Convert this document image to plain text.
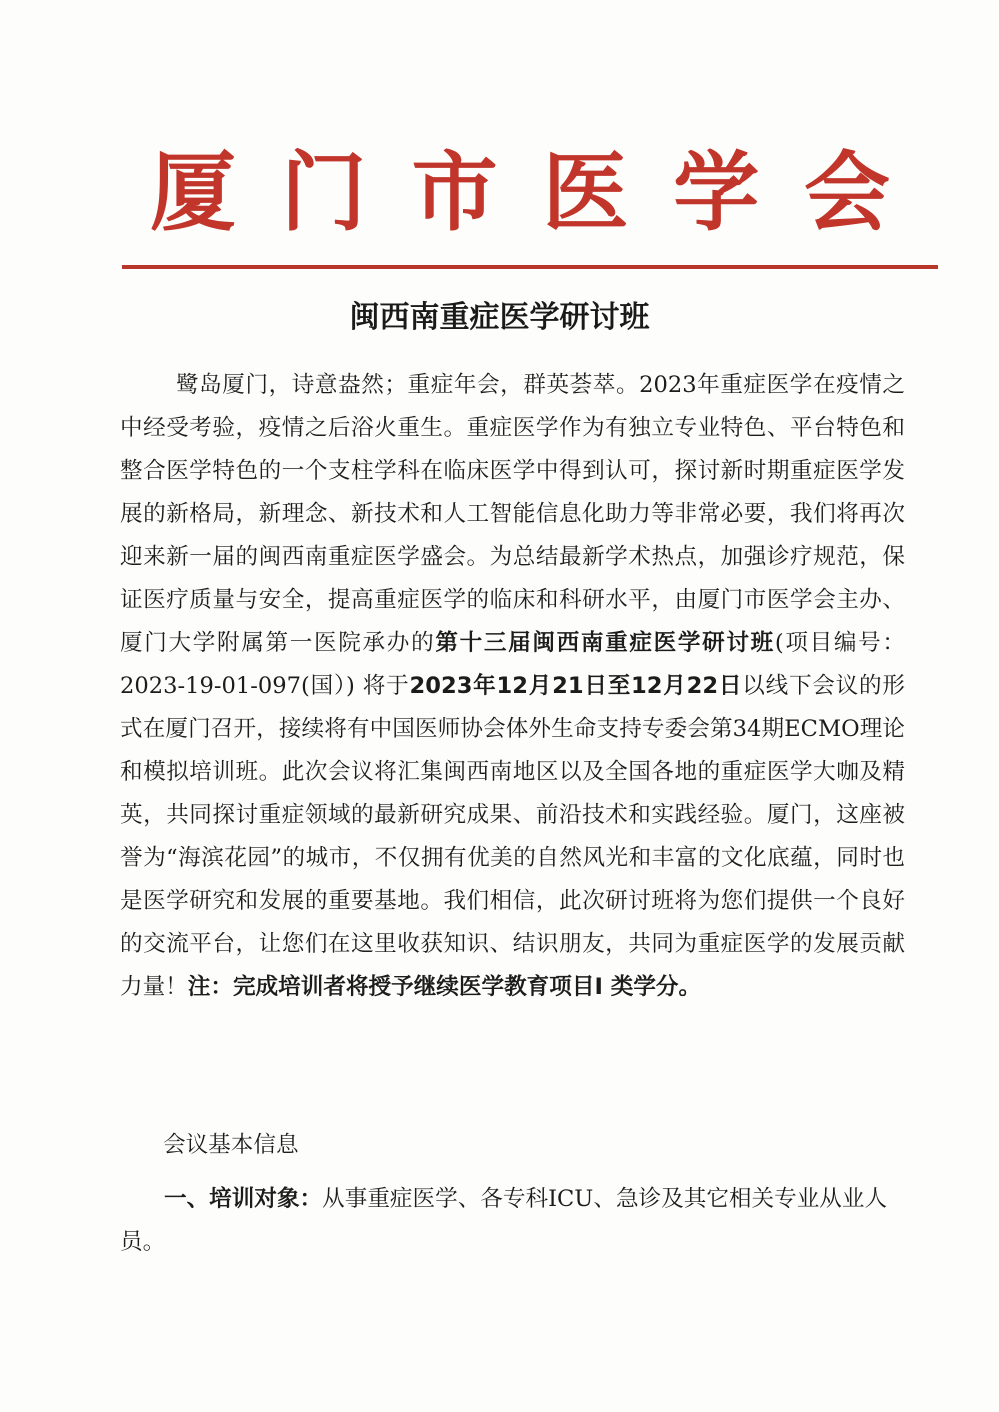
厦 门 市 医 学 会
闽西南重症医学研讨班

鹭岛厦门，诗意盎然；重症年会，群英荟萃。2023年重症医学在疫情之中经受考验，疫情之后浴火重生。重症医学作为有独立专业特色、平台特色和整合医学特色的一个支柱学科在临床医学中得到认可，探讨新时期重症医学发展的新格局，新理念、新技术和人工智能信息化助力等非常必要，我们将再次迎来新一届的闽西南重症医学盛会。为总结最新学术热点，加强诊疗规范，保证医疗质量与安全，提高重症医学的临床和科研水平，由厦门市医学会主办、厦门大学附属第一医院承办的第十三届闽西南重症医学研讨班(项目编号：2023-19-01-097(国）) 将于2023年12月21日至12月22日以线下会议的形式在厦门召开，接续将有中国医师协会体外生命支持专委会第34期ECMO理论和模拟培训班。此次会议将汇集闽西南地区以及全国各地的重症医学大咖及精英，共同探讨重症领域的最新研究成果、前沿技术和实践经验。厦门，这座被誉为“海滨花园”的城市，不仅拥有优美的自然风光和丰富的文化底蕴，同时也是医学研究和发展的重要基地。我们相信，此次研讨班将为您们提供一个良好的交流平台，让您们在这里收获知识、结识朋友，共同为重症医学的发展贡献力量！注：完成培训者将授予继续医学教育项目I 类学分。

会议基本信息

一、培训对象：从事重症医学、各专科ICU、急诊及其它相关专业从业人员。
